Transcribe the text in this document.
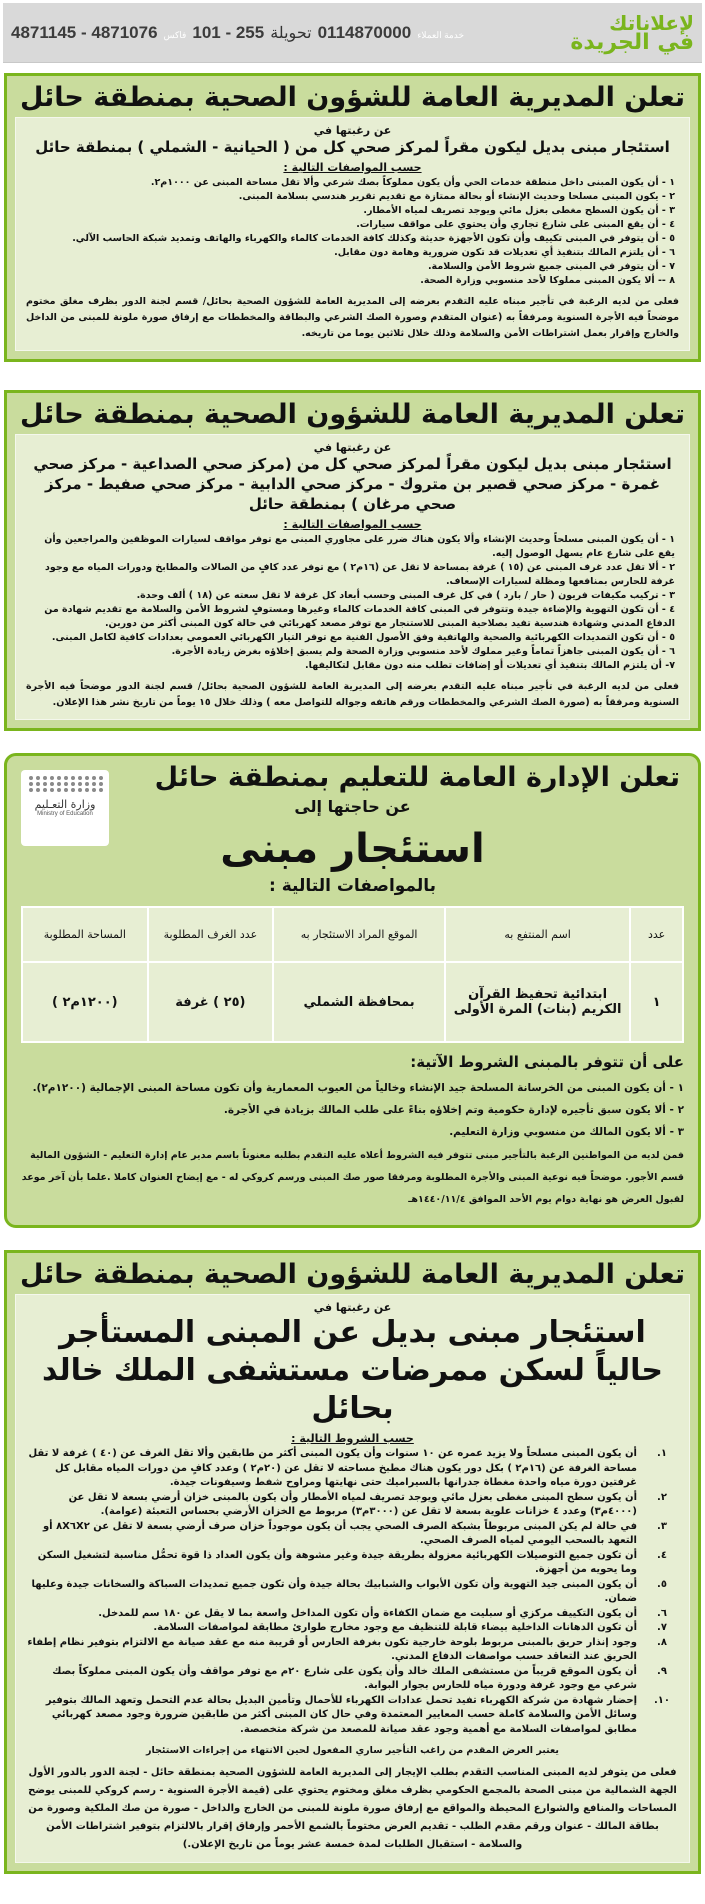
لإعلاناتك
في الجريدة
خدمة العملاء
0114870000
تحويلة
255 - 101
فاكس
4871076 - 4871145
تعلن المديرية العامة للشؤون الصحية بمنطقة حائل
عن رغبتها في
استئجار مبنى بديل ليكون مقراً لمركز صحي كل من ( الحيانية - الشملي ) بمنطقة حائل
حسب المواصفات التالية :
١ - أن يكون المبنى داخل منطقة خدمات الحي وأن يكون مملوكاً بصك شرعي وألا تقل مساحة المبنى عن ١٠٠٠م٢.
٢ - يكون المبنى مسلحا وحديث الإنشاء أو بحالة ممتازة مع تقديم تقرير هندسي بسلامة المبنى.
٣ - أن يكون السطح مغطى بعزل مائي ويوجد تصريف لمياه الأمطار.
٤ - أن يقع المبنى على شارع تجاري وأن يحتوي على مواقف سيارات.
٥ - أن يتوفر في المبنى تكييف وأن تكون الأجهزة حديثة وكذلك كافة الخدمات كالماء والكهرباء والهاتف وتمديد شبكة الحاسب الآلي.
٦ - أن يلتزم المالك بتنفيذ أي تعديلات قد تكون ضرورية وهامة دون مقابل.
٧ - أن يتوفر في المبنى جميع شروط الأمن والسلامة.
٨ -- ألا يكون المبنى مملوكا لأحد منسوبي وزارة الصحة.
فعلى من لديه الرغبة في تأجير مبناه عليه التقدم بعرضه إلى المديرية العامة للشؤون الصحية بحائل/ قسم لجنة الدور بظرف مغلق مختوم موضحاً فيه الأجرة السنوية ومرفقاً به (عنوان المتقدم وصورة الصك الشرعي والبطاقة والمخططات مع إرفاق صورة ملونة للمبنى من الداخل والخارج وإقرار بعمل اشتراطات الأمن والسلامة وذلك خلال ثلاثين يوما من تاريخه.
تعلن المديرية العامة للشؤون الصحية بمنطقة حائل
عن رغبتها في
استئجار مبنى بديل ليكون مقراً لمركز صحي كل من (مركز صحي الصداعية - مركز صحي غمرة - مركز صحي قصير بن متروك - مركز صحي الدابية - مركز صحي صفيط - مركز صحي مرغان ) بمنطقة حائل
حسب المواصفات التالية :
١ - أن يكون المبنى مسلحاً وحديث الإنشاء وألا يكون هناك ضرر على مجاوري المبنى مع توفر مواقف لسيارات الموظفين والمراجعين وأن يقع على شارع عام يسهل الوصول إليه.
٢ - ألا تقل عدد غرف المبنى عن (١٥ ) غرفة بمساحة لا تقل عن (١٦م٢ ) مع توفر عدد كافٍ من الصالات والمطابخ ودورات المياه مع وجود غرفة للحارس بمنافعها ومظلة لسيارات الإسعاف.
٣ - تركيب مكيفات فريون ( حار / بارد ) في كل غرف المبنى وحسب أبعاد كل غرفة لا تقل سعته عن (١٨ ) ألف وحدة.
٤ - أن تكون التهوية والإضاءة جيدة وتتوفر في المبنى كافة الخدمات كالماء وغيرها ومستوفٍ لشروط الأمن والسلامة مع تقديم شهادة من الدفاع المدني وشهادة هندسية تفيد بصلاحية المبنى للاستنجار مع توفر مصعد كهربائي في حالة كون المبنى أكثر من دورين.
٥ - أن تكون التمديدات الكهربائية والصحية والهاتفية وفق الأصول الفنية مع توفر التيار الكهربائي العمومي بعدادات كافية لكامل المبنى.
٦ - أن يكون المبنى جاهزاً تماماً وغير مملوك لأحد منسوبي وزارة الصحة ولم يسبق إخلاؤه بغرض زيادة الأجرة.
٧- أن يلتزم المالك بتنفيذ أي تعديلات أو إضافات تطلب منه دون مقابل لتكاليفها.
فعلى من لديه الرغبة في تأجير مبناه عليه التقدم بعرضه إلى المديرية العامة للشؤون الصحية بحائل/ قسم لجنة الدور موضحاً فيه الأجرة السنوية ومرفقاً به (صورة الصك الشرعي والمخططات ورقم هاتفه وجواله للتواصل معه ) وذلك خلال ١٥ يوماً من تاريخ نشر هذا الإعلان.
وزارة التعـليم
Ministry of Education
تعلن الإدارة العامة للتعليم بمنطقة حائل
عن حاجتها إلى
استئجار مبنى
بالمواصفات التالية :
عدد	اسم المنتفع به	الموقع المراد الاستئجار به	عدد الغرف المطلوبة	المساحة المطلوبة
١	ابتدائية تحفيظ القرآن الكريم (بنات) المرة الأولى	بمحافظة الشملي	(٢٥ ) غرفة	(١٢٠٠م٢ )
على أن تتوفر بالمبنى الشروط الآتية:
١ - أن يكون المبنى من الخرسانة المسلحة جيد الإنشاء وخالياً من العيوب المعمارية وأن تكون مساحة المبنى الإجمالية (١٢٠٠م٢).
٢ - ألا يكون سبق تأجيره لإدارة حكومية وتم إخلاؤه بناءً على طلب المالك بزيادة في الأجرة.
٣ - ألا يكون المالك من منسوبي وزارة التعليم.
فمن لديه من المواطنين الرغبة بالتأجير مبنى تتوفر فيه الشروط أعلاه عليه التقدم بطلبه معنوناً باسم مدير عام إدارة التعليم - الشؤون المالية قسم الأجور. موضحاً فيه نوعية المبنى والأجرة المطلوبة ومرفقا صور صك المبنى ورسم كروكي له - مع إيضاح العنوان كاملا .علما بأن آخر موعد لقبول العرض هو نهاية دوام يوم الأحد الموافق ١٤٤٠/١١/٤هـ
تعلن المديرية العامة للشؤون الصحية بمنطقة حائل
عن رغبتها في
استئجار مبنى بديل عن المبنى المستأجر حالياً لسكن ممرضات مستشفى الملك خالد بحائل
حسب الشروط التالية :
١.
أن يكون المبنى مسلحاً ولا يزيد عمره عن ١٠ سنوات وأن يكون المبنى أكثر من طابقين وألا تقل الغرف عن (٤٠ ) غرفة لا تقل مساحة الغرفة عن (١٦م٢ ) بكل دور يكون هناك مطبخ مساحته لا تقل عن (٢٠م٢ ) وعدد كافٍ من دورات المياه مقابل كل غرفتين دورة مياه واحدة مغطاة جدرانها بالسيراميك حتى نهايتها ومراوح شفط وسيفونات جيدة.
٢.
أن يكون سطح المبنى مغطى بعزل مائي ويوجد تصريف لمياه الأمطار وأن يكون بالمبنى خزان أرضي بسعة لا تقل عن (٤٠٠٠م٣) وعدد ٤ خزانات علوية بسعة لا تقل عن (٣٠٠٠م٣) مربوط مع الخزان الأرضي بحساس التعبئة (عوامة).
٣.
في حالة لم يكن المبنى مربوطاً بشبكة الصرف الصحي يجب أن يكون موجوداً خزان صرف أرضي بسعة لا تقل عن ٨X٦X٢ أو التعهد بالسحب اليومي لمياه الصرف الصحي.
٤.
أن تكون جميع التوصيلات الكهربائية معزولة بطريقة جيدة وغير مشوهة وأن يكون العداد ذا قوة تحمُّل مناسبة لتشغيل السكن وما يحويه من أجهزة.
٥.
أن يكون المبنى جيد التهوية وأن تكون الأبواب والشبابيك بحالة جيدة وأن تكون جميع تمديدات السباكة والسخانات جيدة وعليها ضمان.
٦.
أن يكون التكييف مركزي أو سبليت مع ضمان الكفاءة وأن تكون المداخل واسعة بما لا يقل عن ١٨٠ سم للمدخل.
٧.
أن تكون الدهانات الداخلية بيضاء قابلة للتنظيف مع وجود مخارج طوارئ مطابقة لمواصفات السلامة.
٨.
وجود إنذار حريق بالمبنى مربوط بلوحة خارجية تكون بغرفة الحارس أو قريبة منه مع عقد صيانة مع الالتزام بتوفير نظام إطفاء الحريق عند التعاقد حسب مواصفات الدفاع المدني.
٩.
أن يكون الموقع قريباً من مستشفى الملك خالد وأن يكون على شارع ٢٠م مع توفر مواقف وأن يكون المبنى مملوكاً بصك شرعي مع وجود غرفة ودورة مياه للحارس بجوار البوابة.
١٠.
إحضار شهادة من شركة الكهرباء تفيد تحمل عدادات الكهرباء للأحمال وتأمين البديل بحالة عدم التحمل وتعهد المالك بتوفير وسائل الأمن والسلامة كاملة حسب المعايير المعتمدة وفي حال كان المبنى أكثر من طابقين ضرورة وجود مصعد كهربائي مطابق لمواصفات السلامة مع أهمية وجود عقد صيانة للمصعد من شركة متخصصة.
يعتبر العرض المقدم من راغب التأجير ساري المفعول لحين الانتهاء من إجراءات الاستئجار
فعلى من يتوفر لديه المبنى المناسب التقدم بطلب الإيجار إلى المديرية العامة للشؤون الصحية بمنطقة حائل - لجنة الدور بالدور الأول الجهة الشمالية من مبنى الصحة بالمجمع الحكومي بظرف مغلق ومختوم يحتوي على (قيمة الأجرة السنوية - رسم كروكي للمبنى يوضح المساحات والمنافع والشوارع المحيطة والمواقع مع إرفاق صورة ملونة للمبنى من الخارج والداخل - صورة من صك الملكية وصورة من بطاقة المالك - عنوان ورقم مقدم الطلب - تقديم العرض مختوماً بالشمع الأحمر وإرفاق إقرار بالالتزام بتوفير اشتراطات الأمن والسلامة - استقبال الطلبات لمدة خمسة عشر يوماً من تاريخ الإعلان.)
